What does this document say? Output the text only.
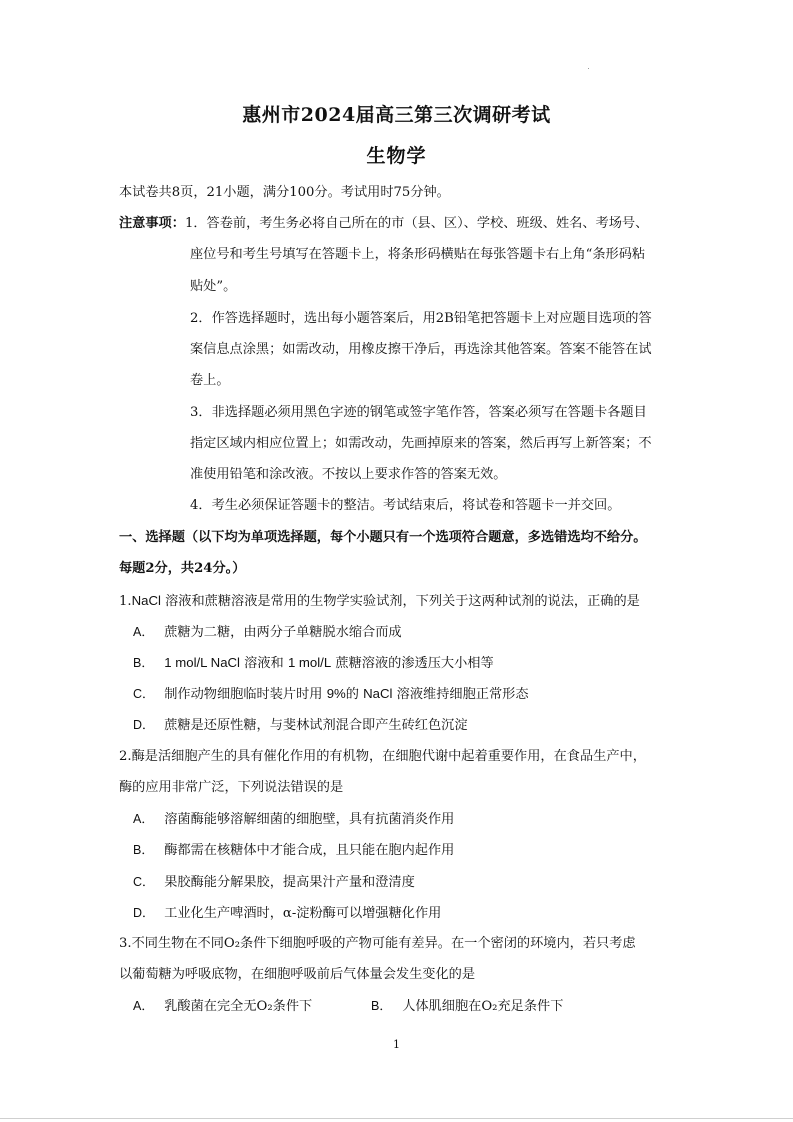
惠州市2024届高三第三次调研考试
生物学
本试卷共8页，21小题，满分100分。考试用时75分钟。
注意事项：1．答卷前，考生务必将自己所在的市（县、区）、学校、班级、姓名、考场号、
座位号和考生号填写在答题卡上，将条形码横贴在每张答题卡右上角“条形码粘
贴处”。
2．作答选择题时，选出每小题答案后，用2B铅笔把答题卡上对应题目选项的答
案信息点涂黑；如需改动，用橡皮擦干净后，再选涂其他答案。答案不能答在试
卷上。
3．非选择题必须用黑色字迹的钢笔或签字笔作答，答案必须写在答题卡各题目
指定区域内相应位置上；如需改动，先画掉原来的答案，然后再写上新答案；不
准使用铅笔和涂改液。不按以上要求作答的答案无效。
4．考生必须保证答题卡的整洁。考试结束后，将试卷和答题卡一并交回。
一、选择题（以下均为单项选择题，每个小题只有一个选项符合题意，多选错选均不给分。
每题2分，共24分。）
1.NaCl 溶液和蔗糖溶液是常用的生物学实验试剂，下列关于这两种试剂的说法，正确的是
A． 蔗糖为二糖，由两分子单糖脱水缩合而成
B． 1 mol/L NaCl 溶液和 1 mol/L 蔗糖溶液的渗透压大小相等
C． 制作动物细胞临时装片时用 9%的 NaCl 溶液维持细胞正常形态
D． 蔗糖是还原性糖，与斐林试剂混合即产生砖红色沉淀
2.酶是活细胞产生的具有催化作用的有机物，在细胞代谢中起着重要作用，在食品生产中，
酶的应用非常广泛，下列说法错误的是
A． 溶菌酶能够溶解细菌的细胞壁，具有抗菌消炎作用
B． 酶都需在核糖体中才能合成，且只能在胞内起作用
C． 果胶酶能分解果胶，提高果汁产量和澄清度
D． 工业化生产啤酒时，α-淀粉酶可以增强糖化作用
3.不同生物在不同O₂条件下细胞呼吸的产物可能有差异。在一个密闭的环境内，若只考虑
以葡萄糖为呼吸底物，在细胞呼吸前后气体量会发生变化的是
A． 乳酸菌在完全无O₂条件下	B． 人体肌细胞在O₂充足条件下
1
